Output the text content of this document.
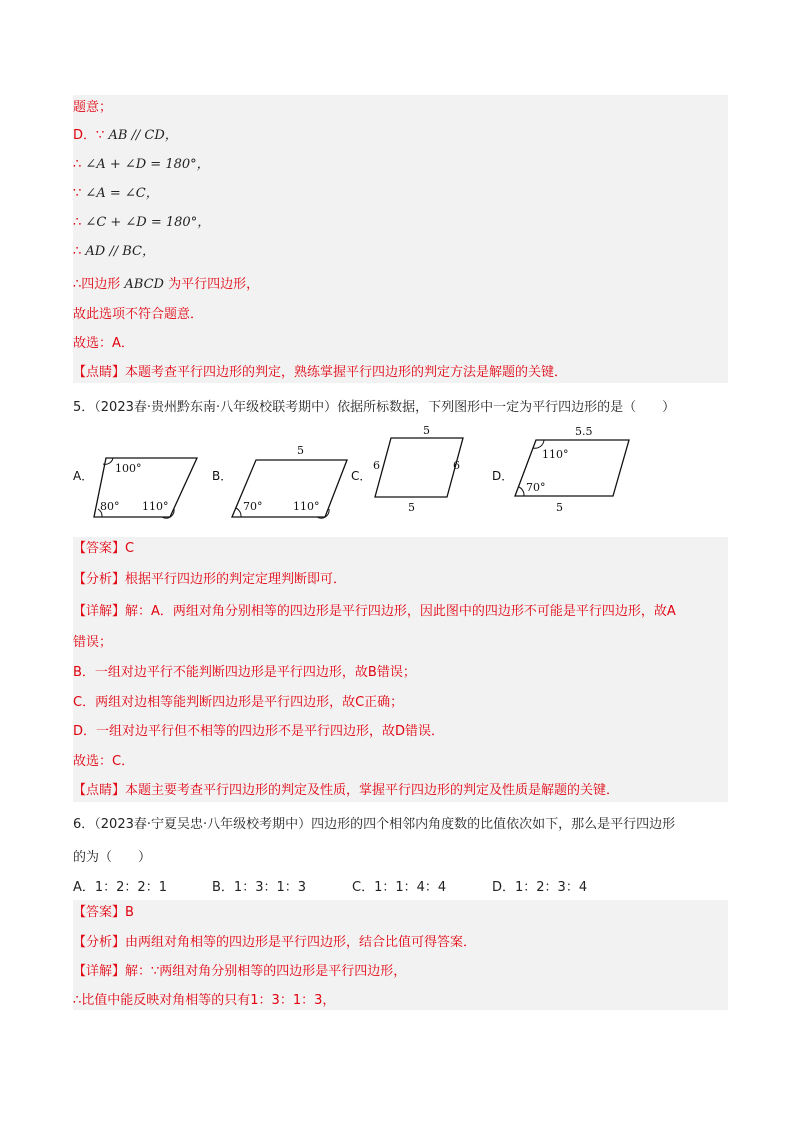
题意；
D．∵ AB // CD，
∴ ∠A + ∠D = 180°，
∵ ∠A = ∠C，
∴ ∠C + ∠D = 180°，
∴ AD // BC，
∴四边形 ABCD 为平行四边形，
故此选项不符合题意．
故选：A．
【点睛】本题考查平行四边形的判定，熟练掌握平行四边形的判定方法是解题的关键．
5．（2023春·贵州黔东南·八年级校联考期中）依据所标数据，下列图形中一定为平行四边形的是（　　）
A．
100°
80° 110°
B．
5
70°	110°
C．
5
6	6
5
D．
5.5
110°
70°
5
【答案】C
【分析】根据平行四边形的判定定理判断即可．
【详解】解：A．两组对角分别相等的四边形是平行四边形，因此图中的四边形不可能是平行四边形，故A
错误；
B．一组对边平行不能判断四边形是平行四边形，故B错误；
C．两组对边相等能判断四边形是平行四边形，故C正确；
D．一组对边平行但不相等的四边形不是平行四边形，故D错误．
故选：C．
【点睛】本题主要考查平行四边形的判定及性质，掌握平行四边形的判定及性质是解题的关键．
6．（2023春·宁夏吴忠·八年级校考期中）四边形的四个相邻内角度数的比值依次如下，那么是平行四边形
的为（　　）
A．1：2：2：1	B．1：3：1：3	C．1：1：4：4	D．1：2：3：4
【答案】B
【分析】由两组对角相等的四边形是平行四边形，结合比值可得答案．
【详解】解：∵两组对角分别相等的四边形是平行四边形，
∴比值中能反映对角相等的只有1：3：1：3，
